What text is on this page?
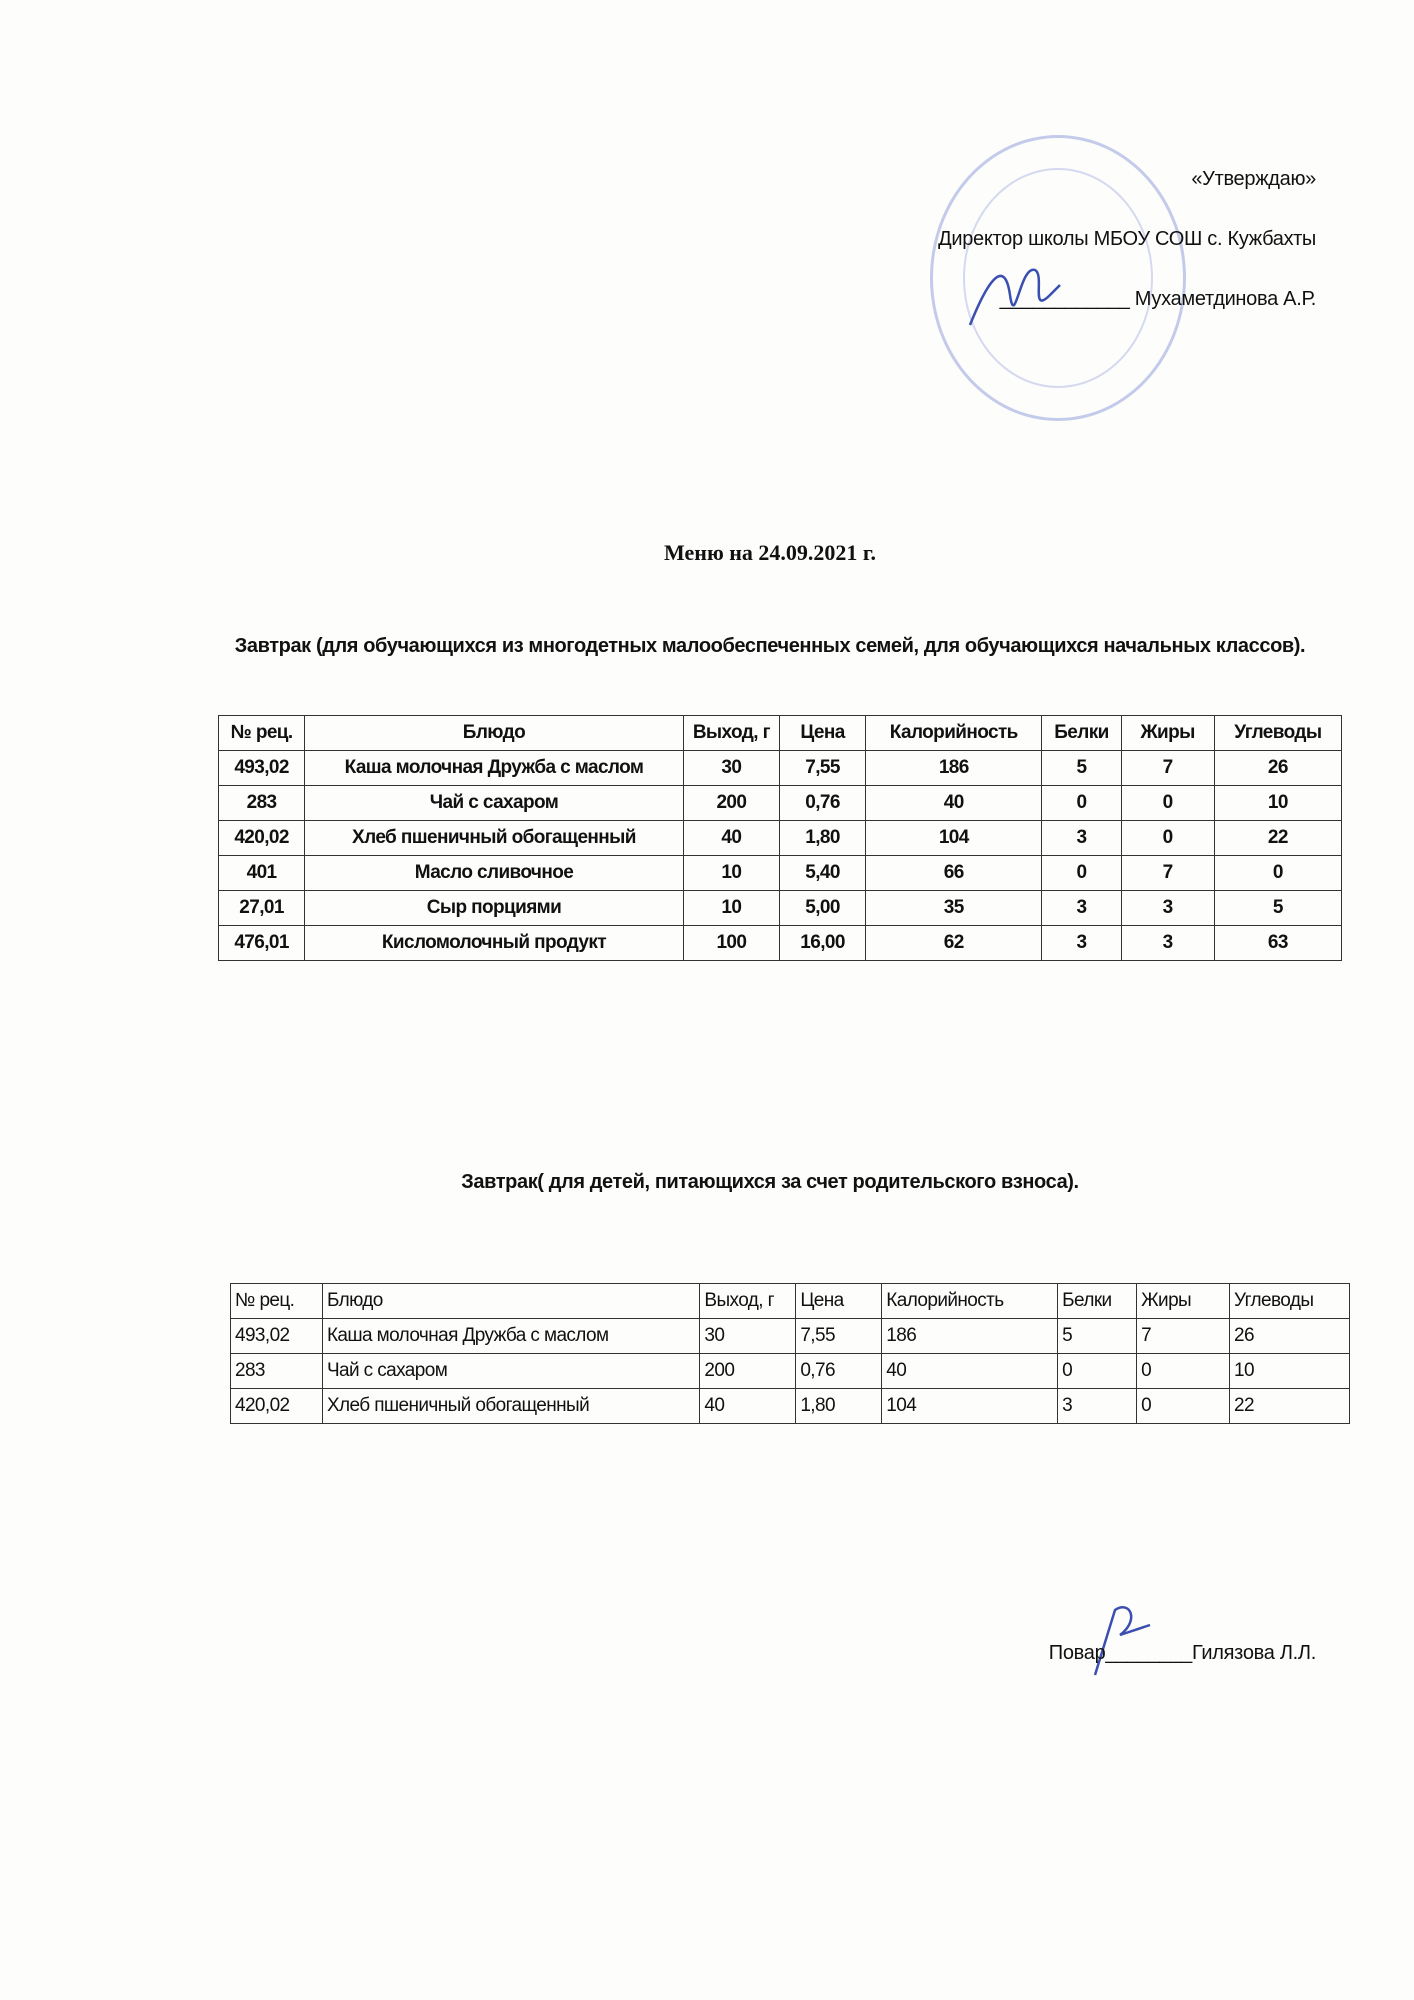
«Утверждаю»
Директор школы МБОУ СОШ с. Кужбахты
____________ Мухаметдинова А.Р.
Меню на 24.09.2021 г.
Завтрак (для обучающихся из многодетных малообеспеченных семей, для обучающихся начальных классов).
№ рец.	Блюдо	Выход, г	Цена	Калорийность	Белки	Жиры	Углеводы
493,02	Каша молочная Дружба с маслом	30	7,55	186	5	7	26
283	Чай с сахаром	200	0,76	40	0	0	10
420,02	Хлеб пшеничный обогащенный	40	1,80	104	3	0	22
401	Масло сливочное	10	5,40	66	0	7	0
27,01	Сыр порциями	10	5,00	35	3	3	5
476,01	Кисломолочный продукт	100	16,00	62	3	3	63
Завтрак( для детей, питающихся за счет родительского взноса).
№ рец.	Блюдо	Выход, г	Цена	Калорийность	Белки	Жиры	Углеводы
493,02	Каша молочная Дружба с маслом	30	7,55	186	5	7	26
283	Чай с сахаром	200	0,76	40	0	0	10
420,02	Хлеб пшеничный обогащенный	40	1,80	104	3	0	22
Повар________Гилязова Л.Л.
